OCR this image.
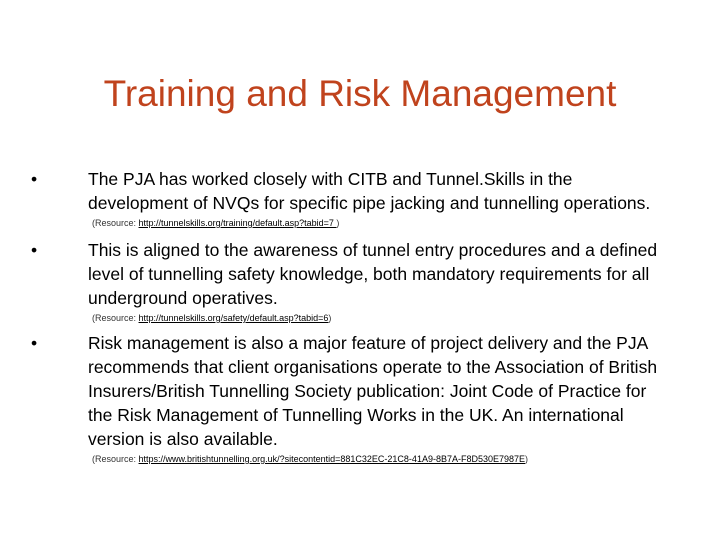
Training and Risk Management
•	The PJA has worked closely with CITB and Tunnel.Skills in the development of NVQs for specific pipe jacking and tunnelling operations.
(Resource: http://tunnelskills.org/training/default.asp?tabid=7 )
•	This is aligned to the awareness of tunnel entry procedures and a defined level of tunnelling safety knowledge, both mandatory requirements for all underground operatives.
(Resource: http://tunnelskills.org/safety/default.asp?tabid=6)
•	Risk management is also a major feature of project delivery and the PJA recommends that client organisations operate to the Association of British Insurers/British Tunnelling Society publication: Joint Code of Practice for the Risk Management of Tunnelling Works in the UK. An international version is also available.
(Resource: https://www.britishtunnelling.org.uk/?sitecontentid=881C32EC-21C8-41A9-8B7A-F8D530E7987E)
